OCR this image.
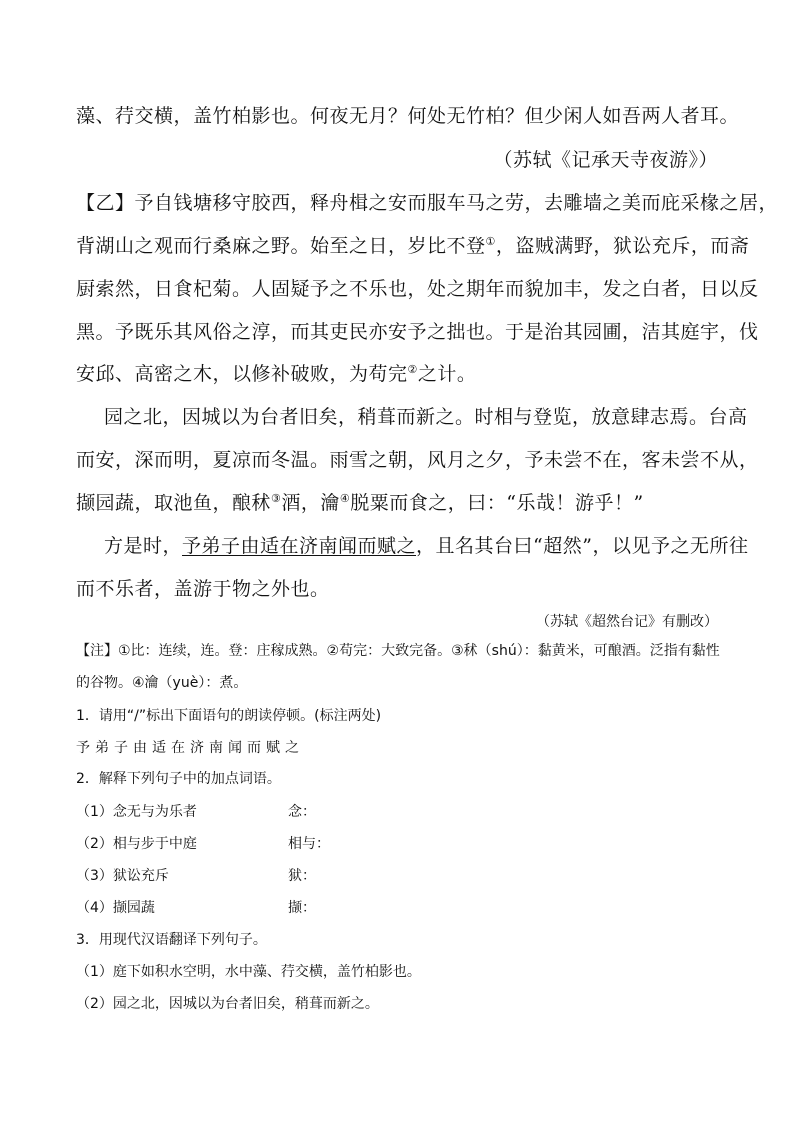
藻、荇交横，盖竹柏影也。何夜无月？何处无竹柏？但少闲人如吾两人者耳。
（苏轼《记承天寺夜游》）
【乙】予自钱塘移守胶西，释舟楫之安而服车马之劳，去雕墙之美而庇采椽之居，
背湖山之观而行桑麻之野。始至之日，岁比不登①，盗贼满野，狱讼充斥，而斋
厨索然，日食杞菊。人固疑予之不乐也，处之期年而貌加丰，发之白者，日以反
黑。予既乐其风俗之淳，而其吏民亦安予之拙也。于是治其园圃，洁其庭宇，伐
安邱、高密之木，以修补破败，为苟完②之计。
园之北，因城以为台者旧矣，稍葺而新之。时相与登览，放意肆志焉。台高
而安，深而明，夏凉而冬温。雨雪之朝，风月之夕，予未尝不在，客未尝不从，
撷园蔬，取池鱼，酿秫③酒，瀹④脱粟而食之，曰：“乐哉！游乎！”
方是时，予弟子由适在济南闻而赋之，且名其台曰“超然”，以见予之无所往
而不乐者，盖游于物之外也。
（苏轼《超然台记》有删改）
【注】①比：连续，连。登：庄稼成熟。②苟完：大致完备。③秫（shú）：黏黄米，可酿酒。泛指有黏性
的谷物。④瀹（yuè）：煮。
1．请用“/”标出下面语句的朗读停顿。(标注两处)
予弟子由适在济南闻而赋之
2．解释下列句子中的加点词语。
（1）念无与为乐者	念：
（2）相与步于中庭	相与：
（3）狱讼充斥	狱：
（4）撷园蔬	撷：
3．用现代汉语翻译下列句子。
（1）庭下如积水空明，水中藻、荇交横，盖竹柏影也。
（2）园之北，因城以为台者旧矣，稍葺而新之。
